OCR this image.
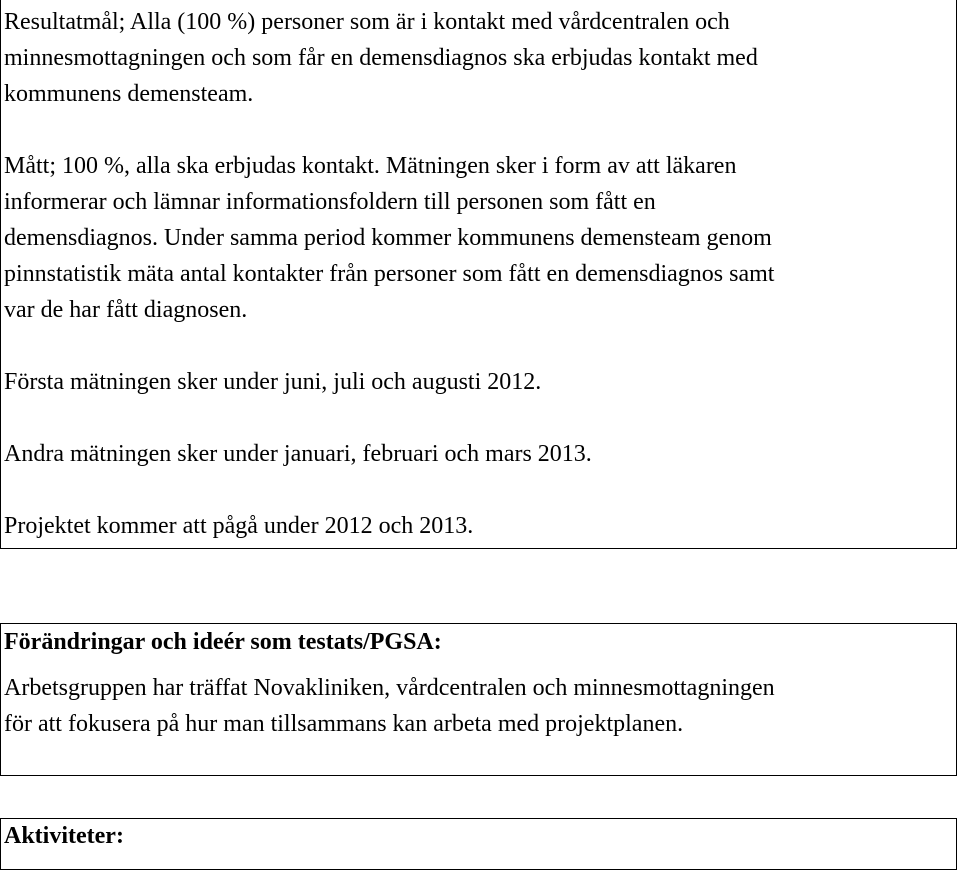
Resultatmål; Alla (100 %) personer som är i kontakt med vårdcentralen och
minnesmottagningen och som får en demensdiagnos ska erbjudas kontakt med
kommunens demensteam.
Mått; 100 %, alla ska erbjudas kontakt. Mätningen sker i form av att läkaren
informerar och lämnar informationsfoldern till personen som fått en
demensdiagnos. Under samma period kommer kommunens demensteam genom
pinnstatistik mäta antal kontakter från personer som fått en demensdiagnos samt
var de har fått diagnosen.
Första mätningen sker under juni, juli och augusti 2012.
Andra mätningen sker under januari, februari och mars 2013.
Projektet kommer att pågå under 2012 och 2013.
Förändringar och ideér som testats/PGSA:
Arbetsgruppen har träffat Novakliniken, vårdcentralen och minnesmottagningen
för att fokusera på hur man tillsammans kan arbeta med projektplanen.
Aktiviteter:
